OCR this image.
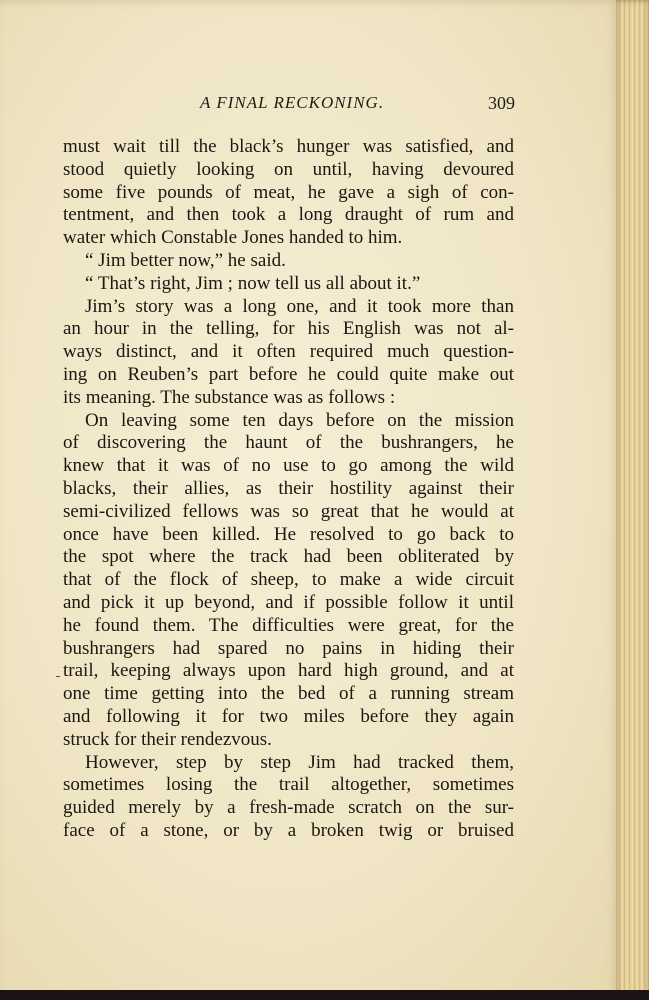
A FINAL RECKONING.	309
must wait till the black’s hunger was satisfied, and
stood quietly looking on until, having devoured
some five pounds of meat, he gave a sigh of con-
tentment, and then took a long draught of rum and
water which Constable Jones handed to him.
“ Jim better now,” he said.
“ That’s right, Jim ; now tell us all about it.”
Jim’s story was a long one, and it took more than
an hour in the telling, for his English was not al-
ways distinct, and it often required much question-
ing on Reuben’s part before he could quite make out
its meaning. The substance was as follows :
On leaving some ten days before on the mission
of discovering the haunt of the bushrangers, he
knew that it was of no use to go among the wild
blacks, their allies, as their hostility against their
semi-civilized fellows was so great that he would at
once have been killed. He resolved to go back to
the spot where the track had been obliterated by
that of the flock of sheep, to make a wide circuit
and pick it up beyond, and if possible follow it until
he found them. The difficulties were great, for the
bushrangers had spared no pains in hiding their
trail, keeping always upon hard high ground, and at
one time getting into the bed of a running stream
and following it for two miles before they again
struck for their rendezvous.
However, step by step Jim had tracked them,
sometimes losing the trail altogether, sometimes
guided merely by a fresh-made scratch on the sur-
face of a stone, or by a broken twig or bruised
